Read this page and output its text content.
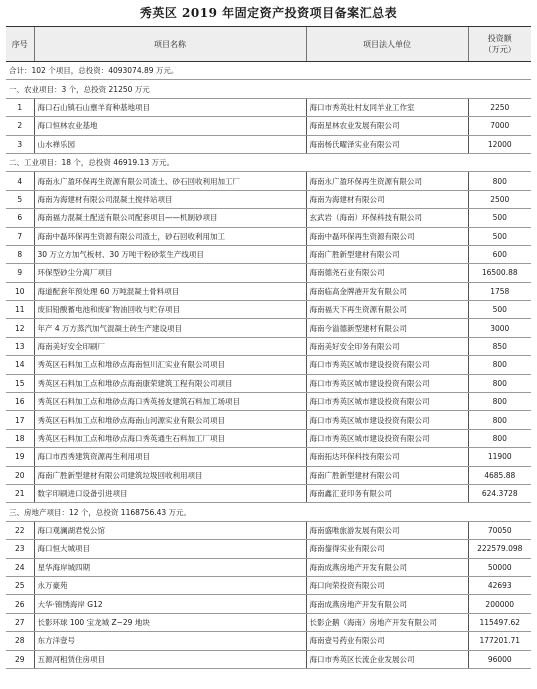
秀英区 2019 年固定资产投资项目备案汇总表
序号	项目名称	项目法人单位	投资额
（万元）

合计：102 个项目，总投资：4093074.89 万元。			
一、农业项目：3 个，总投资 21250 万元			
1	海口石山镇石山壅羊育种基地项目	海口市秀英壮村友同羊业工作室	2250
2	海口恒林农业基地	海南星林农业发展有限公司	7000
3	山水禅乐园	海南杨氏曜泽实业有限公司	12000
二、工业项目：18 个，总投资 46919.13 万元。			
4	海南永广盈环保再生资源有限公司渣土、砂石回收利用加工厂	海南永广盈环保再生资源有限公司	800
5	海南为海建材有限公司混凝土搅拌站项目	海南为海建材有限公司	2500
6	海南福力混凝土配送有限公司配套项目——机制砂项目	玄武岩（海南）环保科技有限公司	500
7	海南中磊环保再生资源有限公司渣土，砂石回收利用加工	海南中磊环保再生资源有限公司	500
8	30 万立方加气板材、30 万吨干粉砂浆生产线项目	海南广胜新型建材有限公司	600
9	环保型砂尘分离厂项目	海南德尧石业有限公司	16500.88
10	海道配套年预处理 60 万吨混凝土骨料项目	海南临高金牌港开发有限公司	1758
11	废旧铅酸蓄电池和废矿物油回收与贮存项目	海南福天下再生资源有限公司	500
12	年产 4 万方蒸汽加气混凝土砖生产建设项目	海南今溢德新型建材有限公司	3000
13	海南美好安全印刷厂	海南美好安全印务有限公司	850
14	秀英区石料加工点和堆砂点海南恒川汇实业有限公司项目	海口市秀英区城市建设投资有限公司	800
15	秀英区石料加工点和堆砂点海南康荣建筑工程有限公司项目	海口市秀英区城市建设投资有限公司	800
16	秀英区石料加工点和堆砂点海口秀英扬友建筑石料加工场项目	海口市秀英区城市建设投资有限公司	800
17	秀英区石料加工点和堆砂点海南山河源实业有限公司项目	海口市秀英区城市建设投资有限公司	800
18	秀英区石料加工点和堆砂点海口秀英通生石料加工厂项目	海口市秀英区城市建设投资有限公司	800
19	海口市西秀建筑资源再生利用项目	海南拓达环保科技有限公司	11900
20	海南广胜新型建材有限公司建筑垃圾回收利用项目	海南广胜新型建材有限公司	4685.88
21	数字印刷进口设备引进项目	海南鑫汇亚印务有限公司	624.3728
三、房地产项目：12 个，总投资 1168756.43 万元。			
22	海口观澜湖君悦公馆	海南盛唯旅游发展有限公司	70050
23	海口恒大城项目	海南鋆得实业有限公司	222579.098
24	星华海岸城四期	海南成燕房地产开发有限公司	50000
25	永万豪苑	海口向荣投资有限公司	42693
26	大华·锦绣海岸 G12	海南成燕房地产开发有限公司	200000
27	长影环球 100 宝龙城 Z−29 地块	长影企鹅（海南）房地产开发有限公司	115497.62
28	东方洋壹号	海南壹号药业有限公司	177201.71
29	五源河租赁住房项目	海口市秀英区长流企业发展公司	96000
